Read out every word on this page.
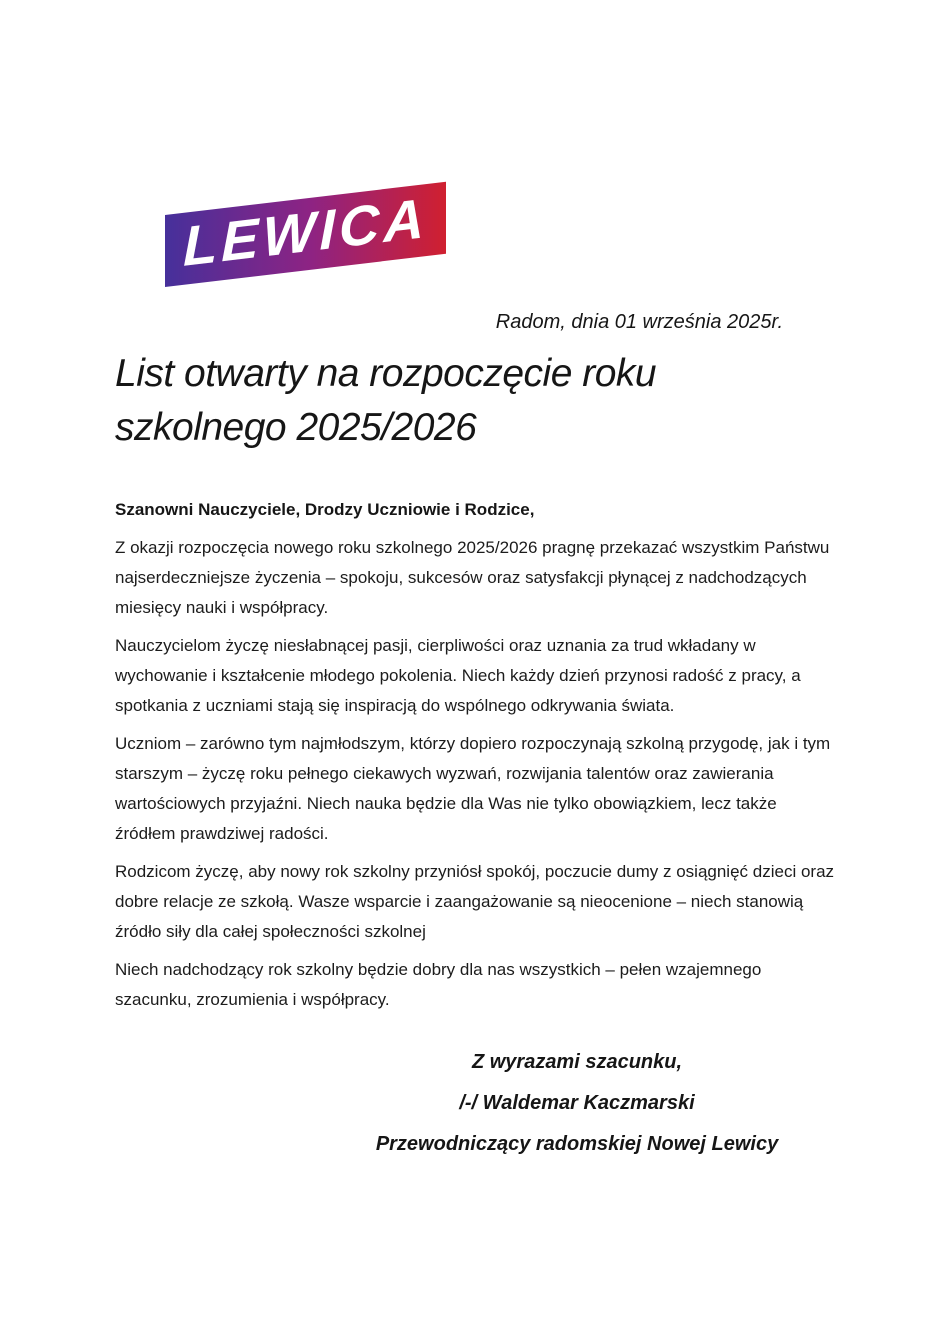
LEWICA
Radom, dnia 01 września 2025r.
List otwarty na rozpoczęcie roku
szkolnego 2025/2026

Szanowni Nauczyciele, Drodzy Uczniowie i Rodzice,

Z okazji rozpoczęcia nowego roku szkolnego 2025/2026 pragnę przekazać wszystkim Państwu najserdeczniejsze życzenia – spokoju, sukcesów oraz satysfakcji płynącej z nadchodzących miesięcy nauki i współpracy.

Nauczycielom życzę niesłabnącej pasji, cierpliwości oraz uznania za trud wkładany w wychowanie i kształcenie młodego pokolenia. Niech każdy dzień przynosi radość z pracy, a spotkania z uczniami stają się inspiracją do wspólnego odkrywania świata.

Uczniom – zarówno tym najmłodszym, którzy dopiero rozpoczynają szkolną przygodę, jak i tym starszym – życzę roku pełnego ciekawych wyzwań, rozwijania talentów oraz zawierania wartościowych przyjaźni. Niech nauka będzie dla Was nie tylko obowiązkiem, lecz także źródłem prawdziwej radości.

Rodzicom życzę, aby nowy rok szkolny przyniósł spokój, poczucie dumy z osiągnięć dzieci oraz dobre relacje ze szkołą. Wasze wsparcie i zaangażowanie są nieocenione – niech stanowią źródło siły dla całej społeczności szkolnej

Niech nadchodzący rok szkolny będzie dobry dla nas wszystkich – pełen wzajemnego szacunku, zrozumienia i współpracy.

Z wyrazami szacunku,
/-/ Waldemar Kaczmarski
Przewodniczący radomskiej Nowej Lewicy
